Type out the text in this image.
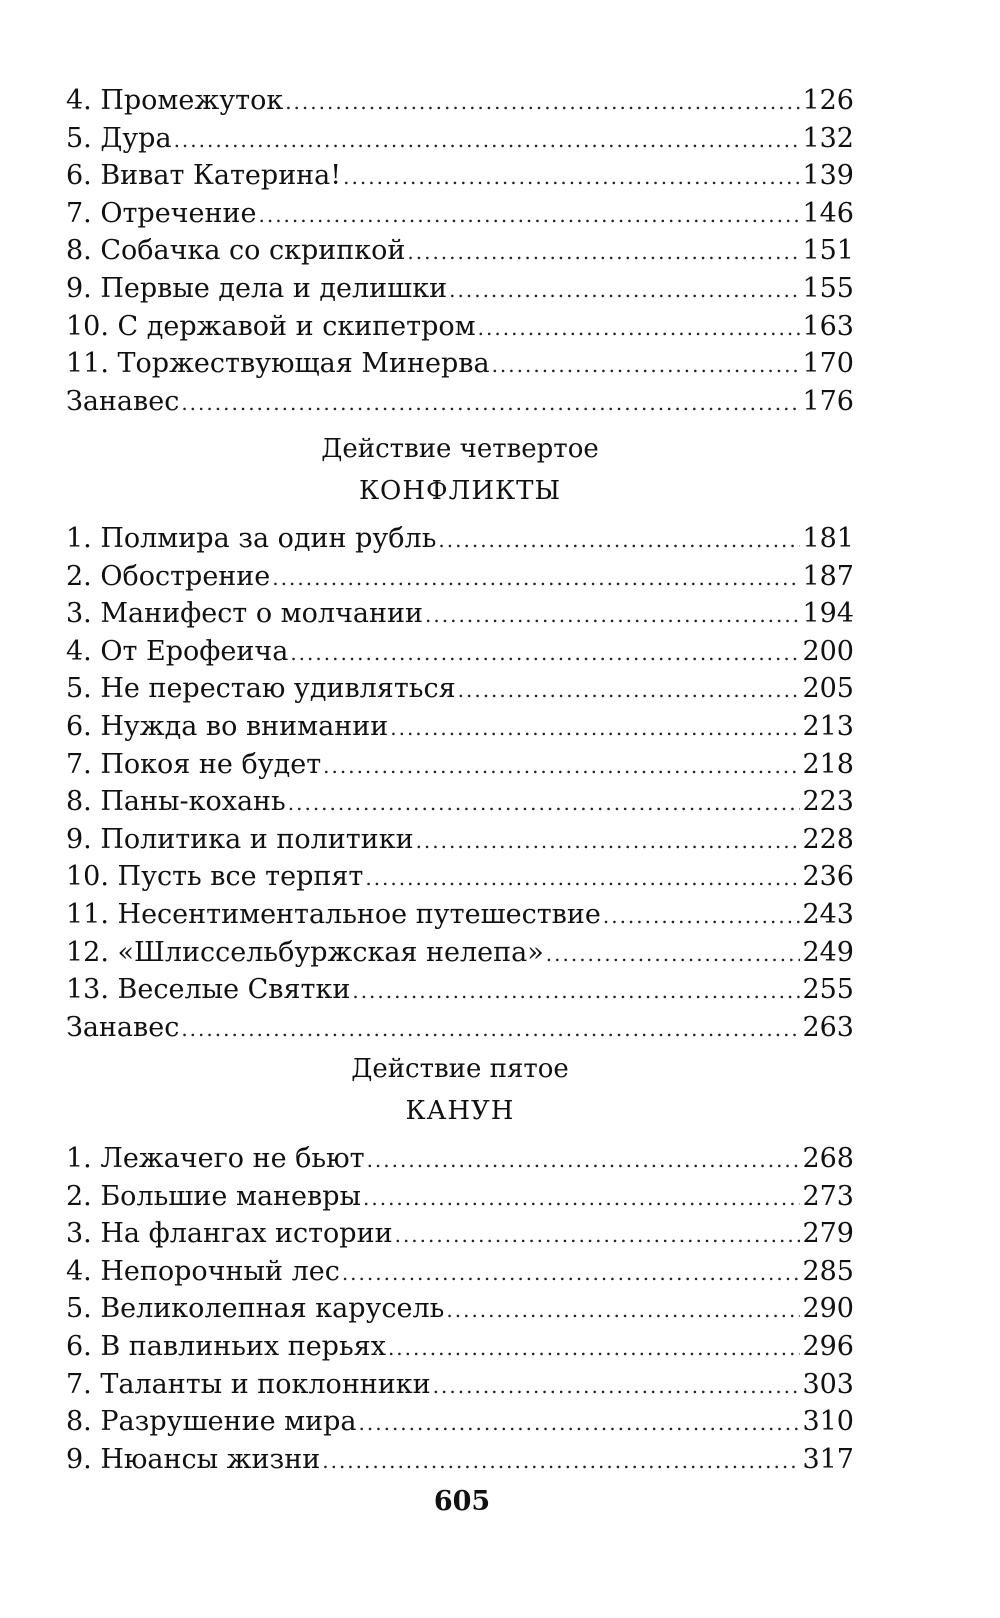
4. Промежуток .....	126
5. Дура .....	132
6. Виват Катерина! .....	139
7. Отречение .....	146
8. Собачка со скрипкой .....	151
9. Первые дела и делишки .....	155
10. С державой и скипетром .....	163
11. Торжествующая Минерва .....	170
Занавес .....	176
Действие четвертое
КОНФЛИКТЫ
1. Полмира за один рубль .....	181
2. Обострение .....	187
3. Манифест о молчании .....	194
4. От Ерофеича .....	200
5. Не перестаю удивляться .....	205
6. Нужда во внимании .....	213
7. Покоя не будет .....	218
8. Паны-кохань .....	223
9. Политика и политики .....	228
10. Пусть все терпят .....	236
11. Несентиментальное путешествие .....	243
12. «Шлиссельбуржская нелепа» .....	249
13. Веселые Святки .....	255
Занавес .....	263
Действие пятое
КАНУН
1. Лежачего не бьют .....	268
2. Большие маневры .....	273
3. На флангах истории .....	279
4. Непорочный лес .....	285
5. Великолепная карусель .....	290
6. В павлиньих перьях .....	296
7. Таланты и поклонники .....	303
8. Разрушение мира .....	310
9. Нюансы жизни .....	317
605
